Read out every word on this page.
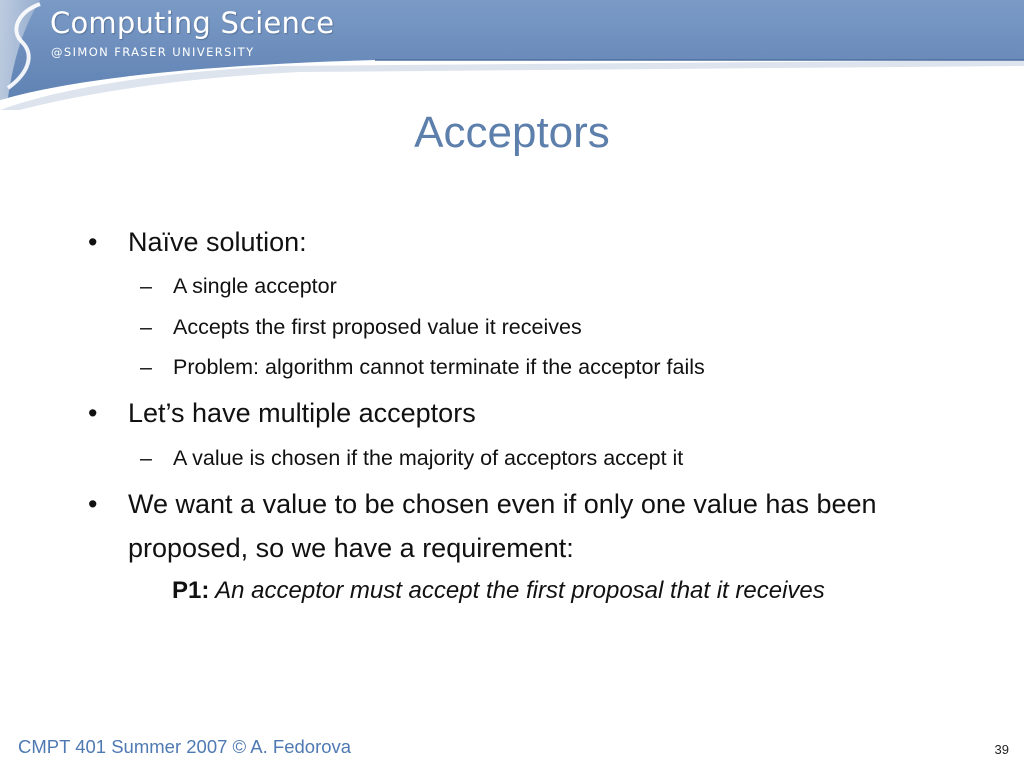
Computing Science
@SIMON FRASER UNIVERSITY
Acceptors
• Naïve solution:
– A single acceptor
– Accepts the first proposed value it receives
– Problem: algorithm cannot terminate if the acceptor fails
• Let’s have multiple acceptors
– A value is chosen if the majority of acceptors accept it
• We want a value to be chosen even if only one value has been proposed, so we have a requirement:
P1: An acceptor must accept the first proposal that it receives
CMPT 401 Summer 2007 © A. Fedorova	39
